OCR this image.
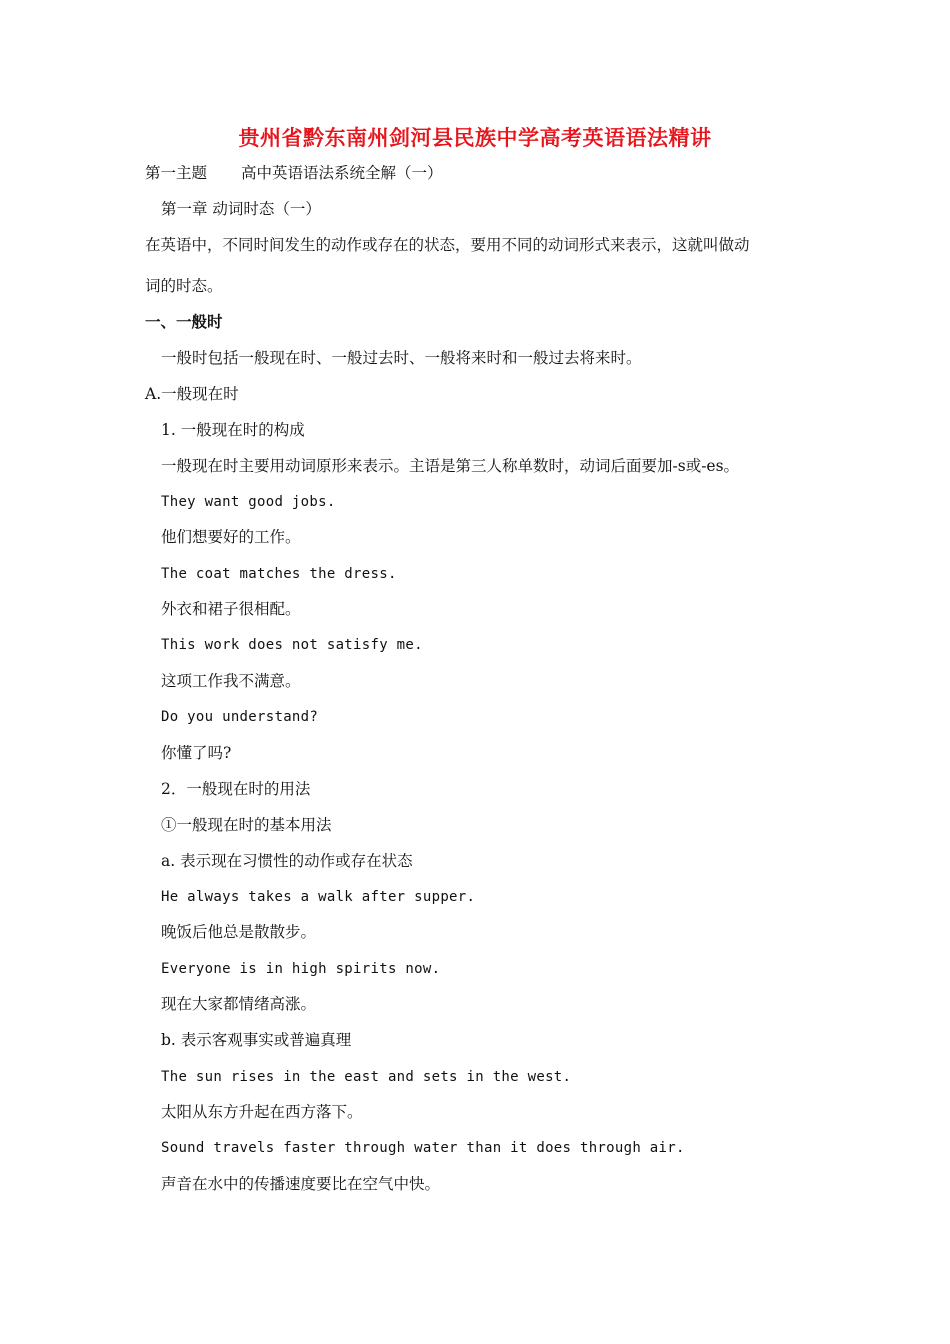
贵州省黔东南州剑河县民族中学高考英语语法精讲
第一主题 高中英语语法系统全解（一）
第一章 动词时态（一）
在英语中，不同时间发生的动作或存在的状态，要用不同的动词形式来表示，这就叫做动
词的时态。
一、一般时
一般时包括一般现在时、一般过去时、一般将来时和一般过去将来时。
A.一般现在时
1. 一般现在时的构成
一般现在时主要用动词原形来表示。主语是第三人称单数时，动词后面要加-s或-es。
They want good jobs.
他们想要好的工作。
The coat matches the dress.
外衣和裙子很相配。
This work does not satisfy me.
这项工作我不满意。
Do you understand?
你懂了吗?
2．一般现在时的用法
①一般现在时的基本用法
a. 表示现在习惯性的动作或存在状态
He always takes a walk after supper.
晚饭后他总是散散步。
Everyone is in high spirits now.
现在大家都情绪高涨。
b. 表示客观事实或普遍真理
The sun rises in the east and sets in the west.
太阳从东方升起在西方落下。
Sound travels faster through water than it does through air.
声音在水中的传播速度要比在空气中快。
